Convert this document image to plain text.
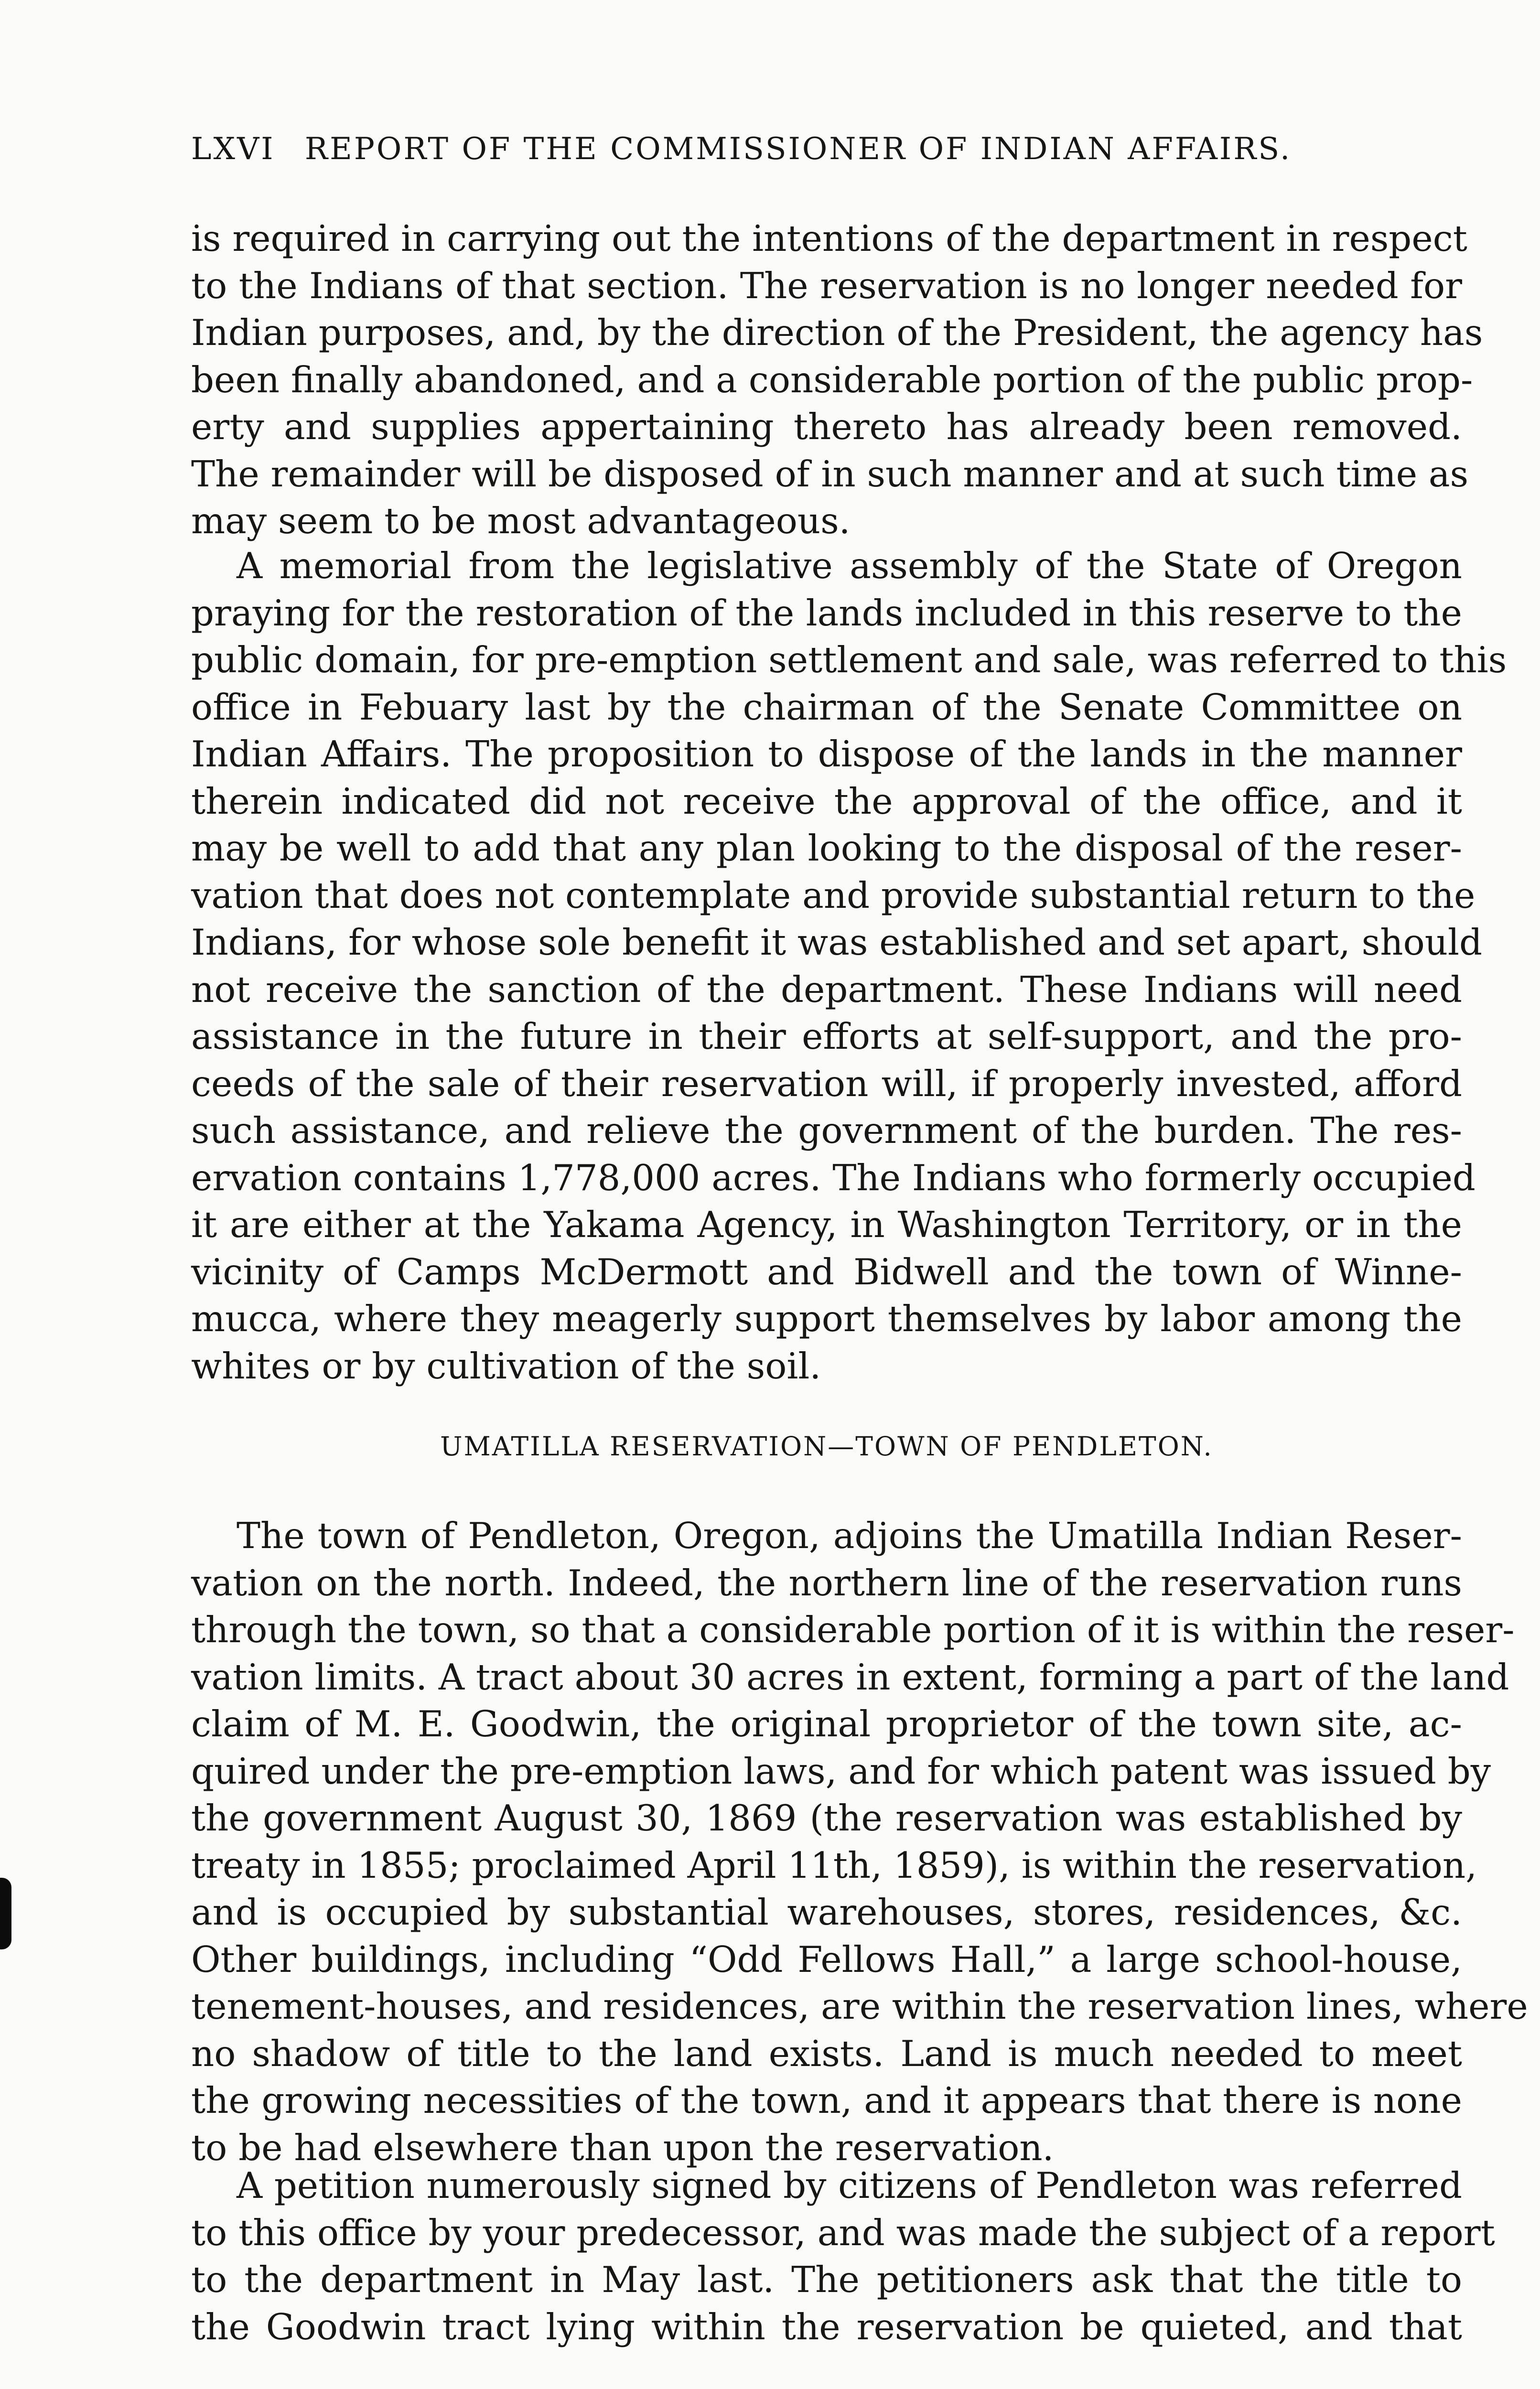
LXVI REPORT OF THE COMMISSIONER OF INDIAN AFFAIRS.
is required in carrying out the intentions of the department in respect
to the Indians of that section. The reservation is no longer needed for
Indian purposes, and, by the direction of the President, the agency has
been finally abandoned, and a considerable portion of the public prop-
erty and supplies appertaining thereto has already been removed.
The remainder will be disposed of in such manner and at such time as
may seem to be most advantageous.
A memorial from the legislative assembly of the State of Oregon
praying for the restoration of the lands included in this reserve to the
public domain, for pre-emption settlement and sale, was referred to this
office in Febuary last by the chairman of the Senate Committee on
Indian Affairs. The proposition to dispose of the lands in the manner
therein indicated did not receive the approval of the office, and it
may be well to add that any plan looking to the disposal of the reser-
vation that does not contemplate and provide substantial return to the
Indians, for whose sole benefit it was established and set apart, should
not receive the sanction of the department. These Indians will need
assistance in the future in their efforts at self-support, and the pro-
ceeds of the sale of their reservation will, if properly invested, afford
such assistance, and relieve the government of the burden. The res-
ervation contains 1,778,000 acres. The Indians who formerly occupied
it are either at the Yakama Agency, in Washington Territory, or in the
vicinity of Camps McDermott and Bidwell and the town of Winne-
mucca, where they meagerly support themselves by labor among the
whites or by cultivation of the soil.
UMATILLA RESERVATION—TOWN OF PENDLETON.
The town of Pendleton, Oregon, adjoins the Umatilla Indian Reser-
vation on the north. Indeed, the northern line of the reservation runs
through the town, so that a considerable portion of it is within the reser-
vation limits. A tract about 30 acres in extent, forming a part of the land
claim of M. E. Goodwin, the original proprietor of the town site, ac-
quired under the pre-emption laws, and for which patent was issued by
the government August 30, 1869 (the reservation was established by
treaty in 1855; proclaimed April 11th, 1859), is within the reservation,
and is occupied by substantial warehouses, stores, residences, &c.
Other buildings, including “Odd Fellows Hall,” a large school-house,
tenement-houses, and residences, are within the reservation lines, where
no shadow of title to the land exists. Land is much needed to meet
the growing necessities of the town, and it appears that there is none
to be had elsewhere than upon the reservation.
A petition numerously signed by citizens of Pendleton was referred
to this office by your predecessor, and was made the subject of a report
to the department in May last. The petitioners ask that the title to
the Goodwin tract lying within the reservation be quieted, and that
